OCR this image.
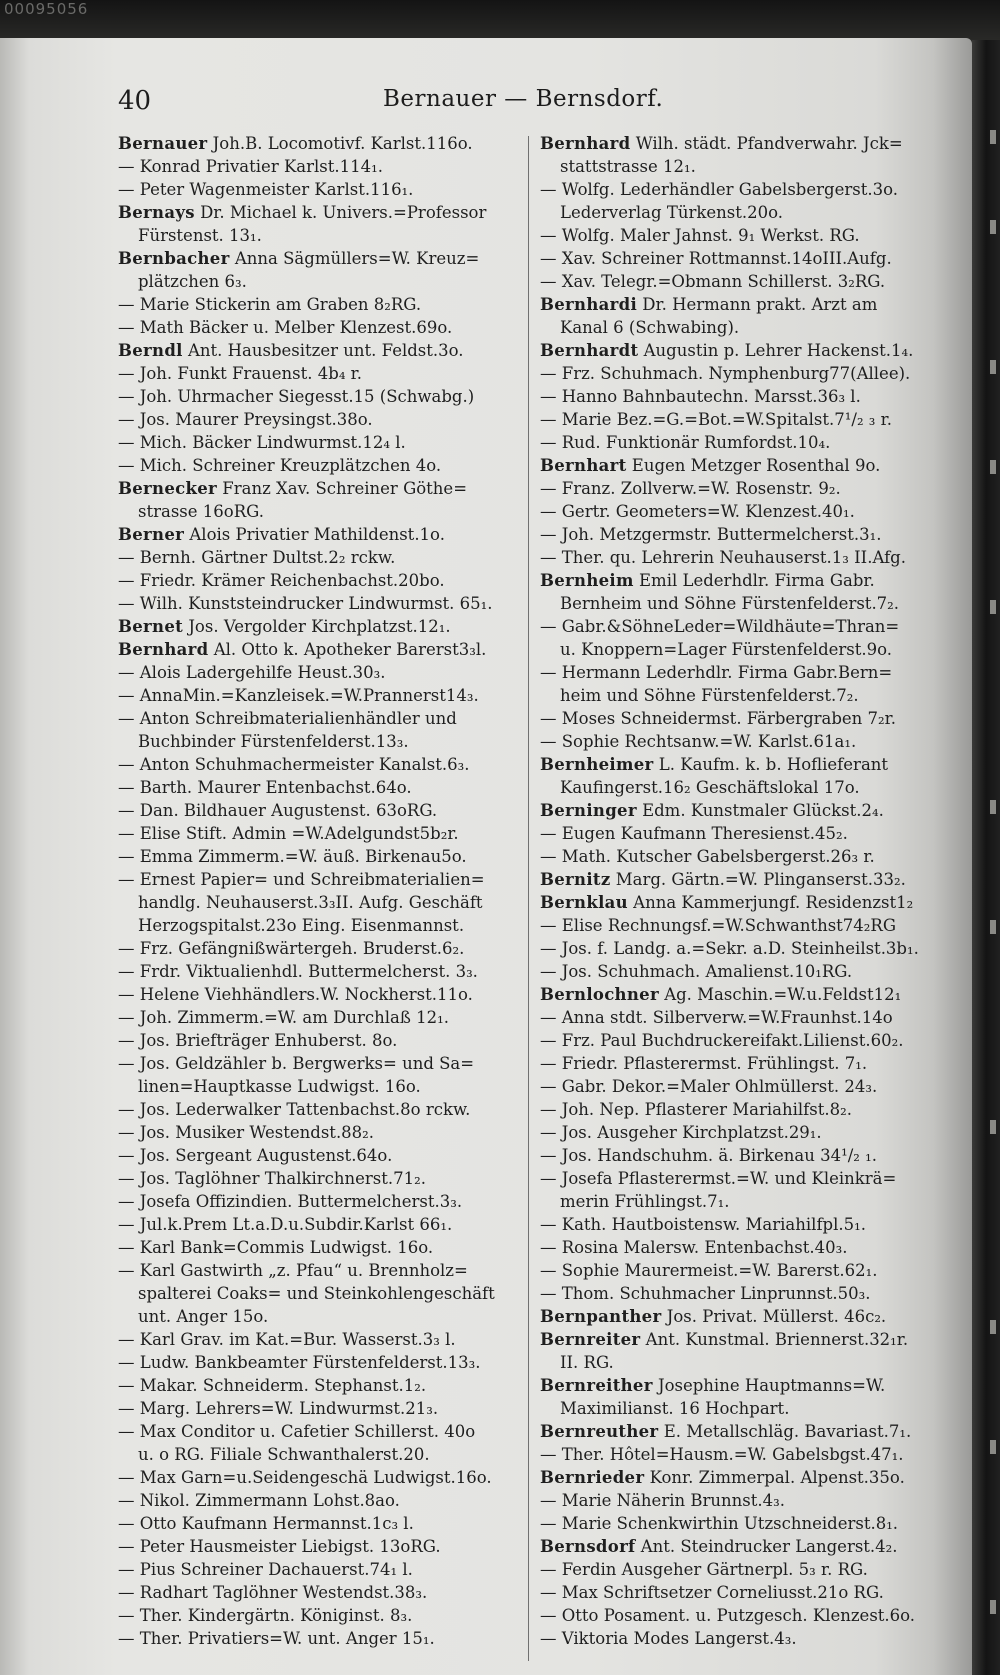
00095056
40	Bernauer — Bernsdorf.
Bernauer Joh.B. Locomotivf. Karlst.116o.
— Konrad Privatier Karlst.114₁.
— Peter Wagenmeister Karlst.116₁.
Bernays Dr. Michael k. Univers.=Professor
Fürstenst. 13₁.
Bernbacher Anna Sägmüllers=W. Kreuz=
plätzchen 6₃.
— Marie Stickerin am Graben 8₂RG.
— Math Bäcker u. Melber Klenzest.69o.
Berndl Ant. Hausbesitzer unt. Feldst.3o.
— Joh. Funkt Frauenst. 4b₄ r.
— Joh. Uhrmacher Siegesst.15 (Schwabg.)
— Jos. Maurer Preysingst.38o.
— Mich. Bäcker Lindwurmst.12₄ l.
— Mich. Schreiner Kreuzplätzchen 4o.
Bernecker Franz Xav. Schreiner Göthe=
strasse 16oRG.
Berner Alois Privatier Mathildenst.1o.
— Bernh. Gärtner Dultst.2₂ rckw.
— Friedr. Krämer Reichenbachst.20bo.
— Wilh. Kunststeindrucker Lindwurmst. 65₁.
Bernet Jos. Vergolder Kirchplatzst.12₁.
Bernhard Al. Otto k. Apotheker Barerst3₃l.
— Alois Ladergehilfe Heust.30₃.
— AnnaMin.=Kanzleisek.=W.Prannerst14₃.
— Anton Schreibmaterialienhändler und
Buchbinder Fürstenfelderst.13₃.
— Anton Schuhmachermeister Kanalst.6₃.
— Barth. Maurer Entenbachst.64o.
— Dan. Bildhauer Augustenst. 63oRG.
— Elise Stift. Admin =W.Adelgundst5b₂r.
— Emma Zimmerm.=W. äuß. Birkenau5o.
— Ernest Papier= und Schreibmaterialien=
handlg. Neuhauserst.3₃II. Aufg. Geschäft
Herzogspitalst.23o Eing. Eisenmannst.
— Frz. Gefängnißwärtergeh. Bruderst.6₂.
— Frdr. Viktualienhdl. Buttermelcherst. 3₃.
— Helene Viehhändlers.W. Nockherst.11o.
— Joh. Zimmerm.=W. am Durchlaß 12₁.
— Jos. Briefträger Enhuberst. 8o.
— Jos. Geldzähler b. Bergwerks= und Sa=
linen=Hauptkasse Ludwigst. 16o.
— Jos. Lederwalker Tattenbachst.8o rckw.
— Jos. Musiker Westendst.88₂.
— Jos. Sergeant Augustenst.64o.
— Jos. Taglöhner Thalkirchnerst.71₂.
— Josefa Offizindien. Buttermelcherst.3₃.
— Jul.k.Prem Lt.a.D.u.Subdir.Karlst 66₁.
— Karl Bank=Commis Ludwigst. 16o.
— Karl Gastwirth „z. Pfau“ u. Brennholz=
spalterei Coaks= und Steinkohlengeschäft
unt. Anger 15o.
— Karl Grav. im Kat.=Bur. Wasserst.3₃ l.
— Ludw. Bankbeamter Fürstenfelderst.13₃.
— Makar. Schneiderm. Stephanst.1₂.
— Marg. Lehrers=W. Lindwurmst.21₃.
— Max Conditor u. Cafetier Schillerst. 40o
u. o RG. Filiale Schwanthalerst.20.
— Max Garn=u.Seidengeschä Ludwigst.16o.
— Nikol. Zimmermann Lohst.8ao.
— Otto Kaufmann Hermannst.1c₃ l.
— Peter Hausmeister Liebigst. 13oRG.
— Pius Schreiner Dachauerst.74₁ l.
— Radhart Taglöhner Westendst.38₃.
— Ther. Kindergärtn. Königinst. 8₃.
— Ther. Privatiers=W. unt. Anger 15₁.
Bernhard Wilh. städt. Pfandverwahr. Jck=
stattstrasse 12₁.
— Wolfg. Lederhändler Gabelsbergerst.3o.
Lederverlag Türkenst.20o.
— Wolfg. Maler Jahnst. 9₁ Werkst. RG.
— Xav. Schreiner Rottmannst.14oIII.Aufg.
— Xav. Telegr.=Obmann Schillerst. 3₂RG.
Bernhardi Dr. Hermann prakt. Arzt am
Kanal 6 (Schwabing).
Bernhardt Augustin p. Lehrer Hackenst.1₄.
— Frz. Schuhmach. Nymphenburg77(Allee).
— Hanno Bahnbautechn. Marsst.36₃ l.
— Marie Bez.=G.=Bot.=W.Spitalst.7¹/₂ ₃ r.
— Rud. Funktionär Rumfordst.10₄.
Bernhart Eugen Metzger Rosenthal 9o.
— Franz. Zollverw.=W. Rosenstr. 9₂.
— Gertr. Geometers=W. Klenzest.40₁.
— Joh. Metzgermstr. Buttermelcherst.3₁.
— Ther. qu. Lehrerin Neuhauserst.1₃ II.Afg.
Bernheim Emil Lederhdlr. Firma Gabr.
Bernheim und Söhne Fürstenfelderst.7₂.
— Gabr.&SöhneLeder=Wildhäute=Thran=
u. Knoppern=Lager Fürstenfelderst.9o.
— Hermann Lederhdlr. Firma Gabr.Bern=
heim und Söhne Fürstenfelderst.7₂.
— Moses Schneidermst. Färbergraben 7₂r.
— Sophie Rechtsanw.=W. Karlst.61a₁.
Bernheimer L. Kaufm. k. b. Hoflieferant
Kaufingerst.16₂ Geschäftslokal 17o.
Berninger Edm. Kunstmaler Glückst.2₄.
— Eugen Kaufmann Theresienst.45₂.
— Math. Kutscher Gabelsbergerst.26₃ r.
Bernitz Marg. Gärtn.=W. Plinganserst.33₂.
Bernklau Anna Kammerjungf. Residenzst1₂
— Elise Rechnungsf.=W.Schwanthst74₂RG
— Jos. f. Landg. a.=Sekr. a.D. Steinheilst.3b₁.
— Jos. Schuhmach. Amalienst.10₁RG.
Bernlochner Ag. Maschin.=W.u.Feldst12₁
— Anna stdt. Silberverw.=W.Fraunhst.14o
— Frz. Paul Buchdruckereifakt.Lilienst.60₂.
— Friedr. Pflasterermst. Frühlingst. 7₁.
— Gabr. Dekor.=Maler Ohlmüllerst. 24₃.
— Joh. Nep. Pflasterer Mariahilfst.8₂.
— Jos. Ausgeher Kirchplatzst.29₁.
— Jos. Handschuhm. ä. Birkenau 34¹/₂ ₁.
— Josefa Pflasterermst.=W. und Kleinkrä=
merin Frühlingst.7₁.
— Kath. Hautboistensw. Mariahilfpl.5₁.
— Rosina Malersw. Entenbachst.40₃.
— Sophie Maurermeist.=W. Barerst.62₁.
— Thom. Schuhmacher Linprunnst.50₃.
Bernpanther Jos. Privat. Müllerst. 46c₂.
Bernreiter Ant. Kunstmal. Briennerst.32₁r.
II. RG.
Bernreither Josephine Hauptmanns=W.
Maximilianst. 16 Hochpart.
Bernreuther E. Metallschläg. Bavariast.7₁.
— Ther. Hôtel=Hausm.=W. Gabelsbgst.47₁.
Bernrieder Konr. Zimmerpal. Alpenst.35o.
— Marie Näherin Brunnst.4₃.
— Marie Schenkwirthin Utzschneiderst.8₁.
Bernsdorf Ant. Steindrucker Langerst.4₂.
— Ferdin Ausgeher Gärtnerpl. 5₃ r. RG.
— Max Schriftsetzer Corneliusst.21o RG.
— Otto Posament. u. Putzgesch. Klenzest.6o.
— Viktoria Modes Langerst.4₃.
